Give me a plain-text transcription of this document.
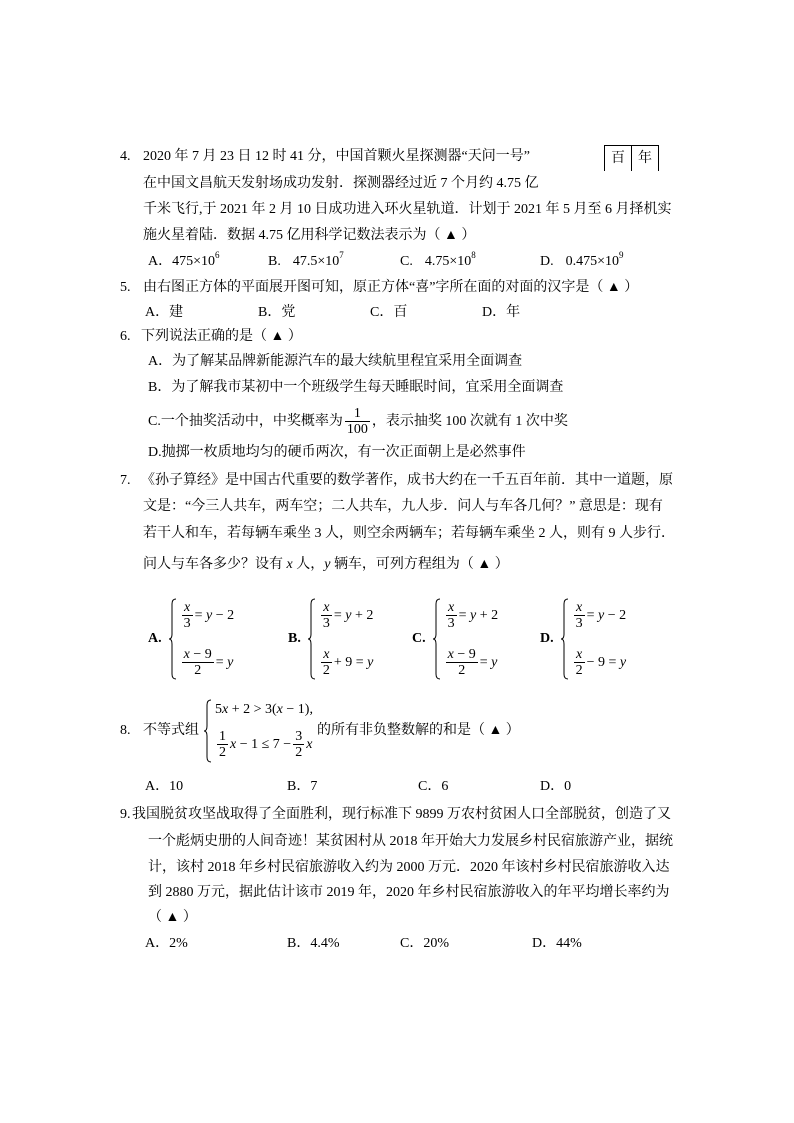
4. 2020 年 7 月 23 日 12 时 41 分，中国首颗火星探测器“天问一号”
在中国文昌航天发射场成功发射．探测器经过近 7 个月约 4.75 亿
千米飞行,于 2021 年 2 月 10 日成功进入环火星轨道．计划于 2021 年 5 月至 6 月择机实
施火星着陆．数据 4.75 亿用科学记数法表示为（ ▲ ）
百 年
A．$475\times 10^6$	B. $47.5\times 10^7$	C. $4.75\times 10^8$	D. $0.475\times 10^9$
5. 由右图正方体的平面展开图可知，原正方体“喜”字所在面的对面的汉字是（ ▲ ）
A．建	B．党	C．百	D．年
6. 下列说法正确的是（ ▲ ）
A．为了解某品牌新能源汽车的最大续航里程宜采用全面调查
B．为了解我市某初中一个班级学生每天睡眠时间，宜采用全面调查
C.一个抽奖活动中，中奖概率为 $\frac{1}{100}$ ，表示抽奖 100 次就有 1 次中奖
D.抛掷一枚质地均匀的硬币两次，有一次正面朝上是必然事件
7. 《孙子算经》是中国古代重要的数学著作，成书大约在一千五百年前．其中一道题，原
文是：“今三人共车，两车空；二人共车，九人步．问人与车各几何？” 意思是：现有
若干人和车，若每辆车乘坐 3 人，则空余两辆车；若每辆车乘坐 2 人，则有 9 人步行．
问人与车各多少？设有 x 人，y 辆车，可列方程组为（ ▲ ）
A.
$\frac{x}{3} = y - 2$
$\frac{x - 9}{2} = y$
B.
$\frac{x}{3} = y + 2$
$\frac{x}{2} + 9 = y$
C.
$\frac{x}{3} = y + 2$
$\frac{x - 9}{2} = y$
D.
$\frac{x}{3} = y - 2$
$\frac{x}{2} - 9 = y$
8. 不等式组
5x + 2 > 3(x − 1),
$\frac{1}{2}$ $x - 1 \le 7 - \frac{3}{2}$ x
的所有非负整数解的和是（ ▲ ）
A．10	B．7	C．6	D．0
9. 我国脱贫攻坚战取得了全面胜利，现行标准下 9899 万农村贫困人口全部脱贫，创造了又
一个彪炳史册的人间奇迹！某贫困村从 2018 年开始大力发展乡村民宿旅游产业，据统
计，该村 2018 年乡村民宿旅游收入约为 2000 万元．2020 年该村乡村民宿旅游收入达
到 2880 万元，据此估计该市 2019 年，2020 年乡村民宿旅游收入的年平均增长率约为
（ ▲ ）
A．2%	B．4.4%	C．20%	D．44%
